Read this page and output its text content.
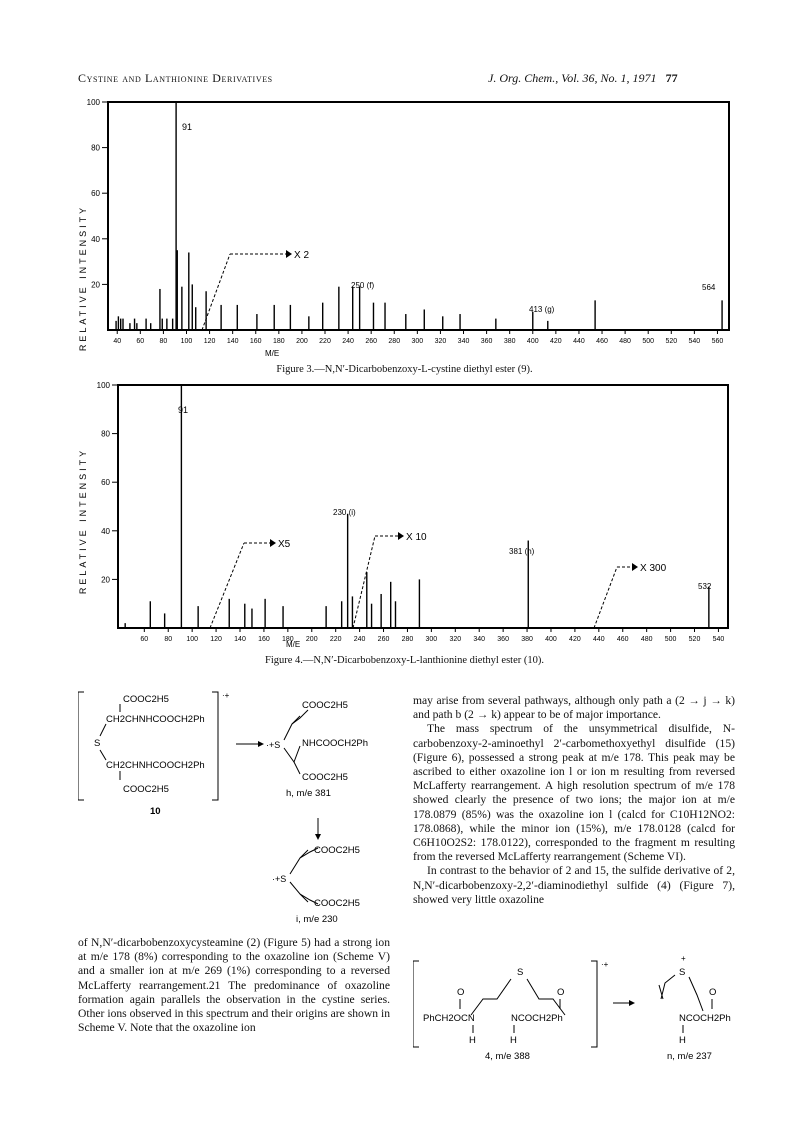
Cystine and Lanthionine Derivatives	J. Org. Chem., Vol. 36, No. 1, 1971 77
RELATIVE INTENSITY 20
40
60
80
100
40 60 80 100 120 140 160 180 200 220 240 260 280 300 320 340 360 380 400 420 440 460 480 500 520 540 560
X 2
91
250 (f)
413 (g)
564
M/E
Figure 3.—N,N′-Dicarbobenzoxy-L-cystine diethyl ester (9).
RELATIVE INTENSITY 20
40
60
80
100
60 80 100 120 140 160 180 200 220 240 260 280 300 320 340 360 380 400 420 440 460 480 500 520 540
X5
X 10
X 300
91
230 (i)
381 (h)
532
M/E
Figure 4.—N,N′-Dicarbobenzoxy-L-lanthionine diethyl ester (10).
·+
COOC2H5
CH2CHNHCOOCH2Ph
S
CH2CHNHCOOCH2Ph
COOC2H5
10
·+S
COOC2H5
NHCOOCH2Ph
COOC2H5
h, m/e 381
·+S
COOC2H5
COOC2H5
i, m/e 230

of N,N′-dicarbobenzoxycysteamine (2) (Figure 5) had a strong ion at m/e 178 (8%) corresponding to the oxazoline ion (Scheme V) and a smaller ion at m/e 269 (1%) corresponding to a reversed McLafferty rearrangement.21 The predominance of oxazoline formation again parallels the observation in the cystine series. Other ions observed in this spectrum and their origins are shown in Scheme V. Note that the oxazoline ion

may arise from several pathways, although only path a (2 → j → k) and path b (2 → k) appear to be of major importance.

The mass spectrum of the unsymmetrical disulfide, N-carbobenzoxy-2-aminoethyl 2′-carbomethoxyethyl disulfide (15) (Figure 6), possessed a strong peak at m/e 178. This peak may be ascribed to either oxazoline ion l or ion m resulting from reversed McLafferty rearrangement. A high resolution spectrum of m/e 178 showed clearly the presence of two ions; the major ion at m/e 178.0879 (85%) was the oxazoline ion l (calcd for C10H12NO2: 178.0868), while the minor ion (15%), m/e 178.0128 (calcd for C6H10O2S2: 178.0122), corresponded to the fragment m resulting from the reversed McLafferty rearrangement (Scheme VI).

In contrast to the behavior of 2 and 15, the sulfide derivative of 2, N,N′-dicarbobenzoxy-2,2′-diaminodiethyl sulfide (4) (Figure 7), showed very little oxazoline

·+
S
O	O
PhCH2OCN	NCOCH2Ph
H	H
4, m/e 388
+
S
O
NCOCH2Ph
H
n, m/e 237
